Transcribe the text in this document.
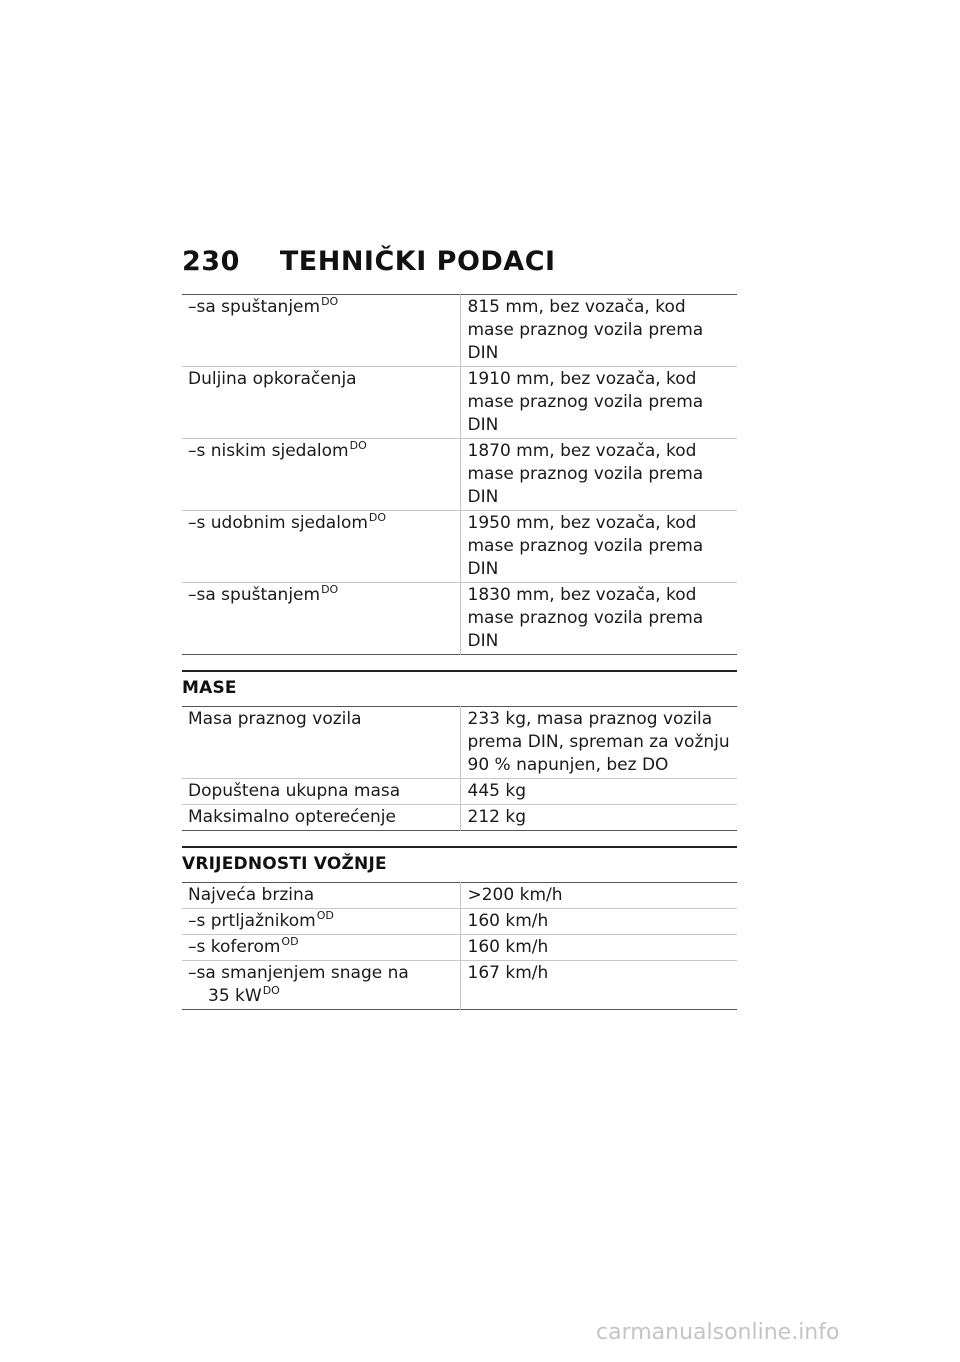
230 TEHNIČKI PODACI
–sa spuštanjem$^{DO}$	815 mm, bez vozača, kod mase praznog vozila prema DIN
Duljina opkoračenja	1910 mm, bez vozača, kod mase praznog vozila prema DIN
–s niskim sjedalom$^{DO}$	1870 mm, bez vozača, kod mase praznog vozila prema DIN
–s udobnim sjedalom$^{DO}$	1950 mm, bez vozača, kod mase praznog vozila prema DIN
–sa spuštanjem$^{DO}$	1830 mm, bez vozača, kod mase praznog vozila prema DIN
MASE
Masa praznog vozila	233 kg, masa praznog vozila prema DIN, spreman za vožnju 90 % napunjen, bez DO
Dopuštena ukupna masa	445 kg
Maksimalno opterećenje	212 kg
VRIJEDNOSTI VOŽNJE
Najveća brzina	>200 km/h
–s prtljažnikom$^{OD}$	160 km/h
–s koferom$^{OD}$	160 km/h
–sa smanjenjem snage na
35 $kW^{DO}$	167 km/h
carmanualsonline.info
